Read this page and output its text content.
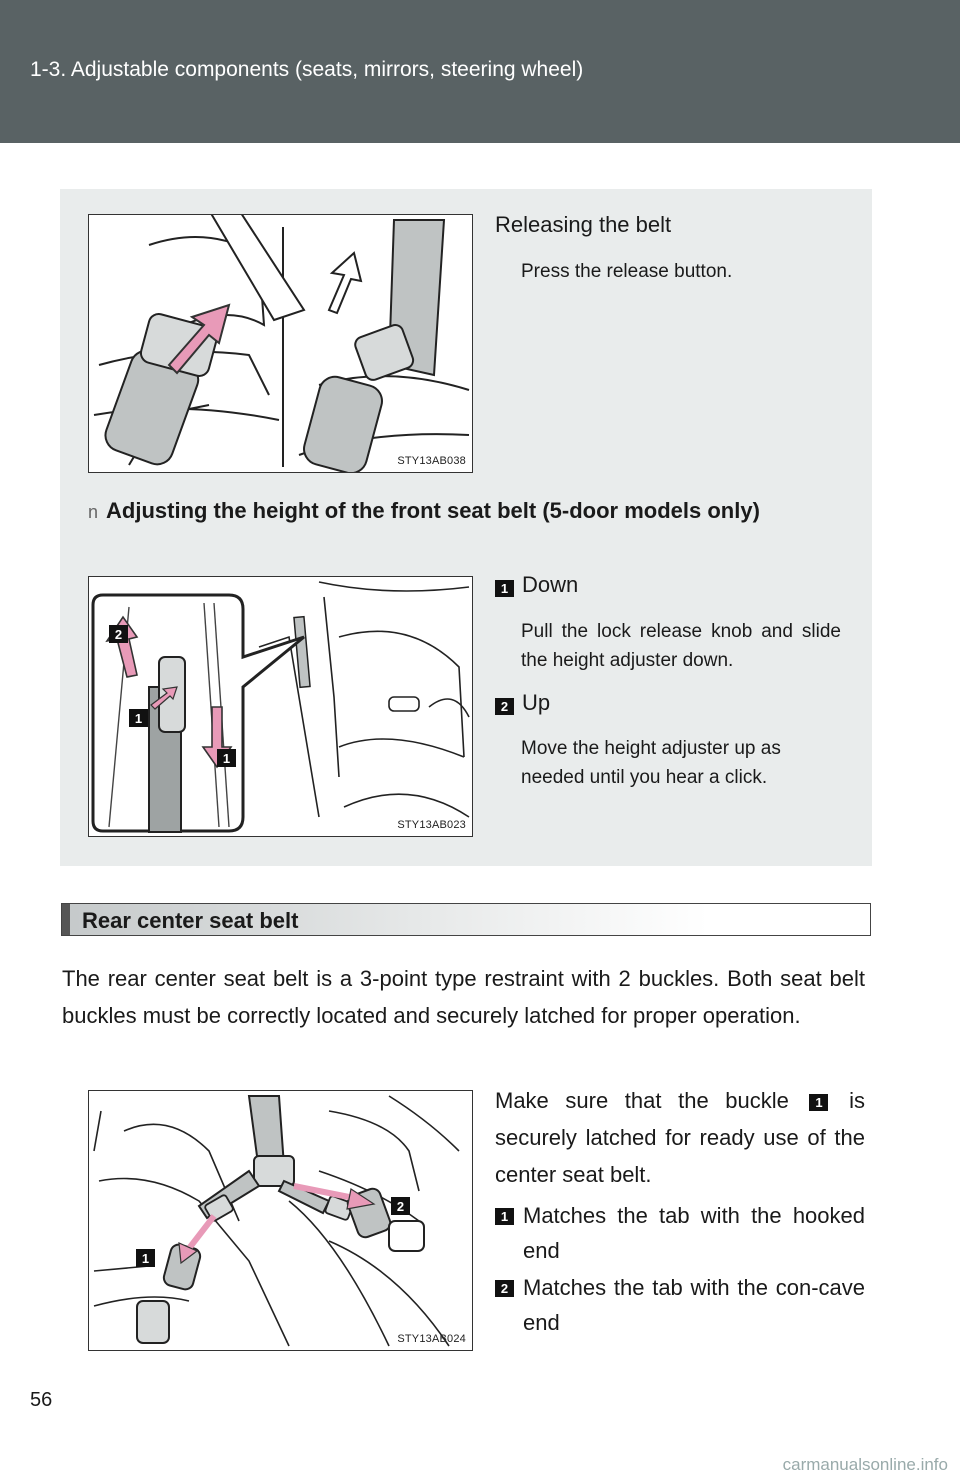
1-3. Adjustable components (seats, mirrors, steering wheel)
STY13AB038
Releasing the belt
Press the release button.
n Adjusting the height of the front seat belt (5-door models only)
2
1
1
STY13AB023
1 Down
Pull the lock release knob and slide the height adjuster down.
2 Up
Move the height adjuster up as needed until you hear a click.
Rear center seat belt
The rear center seat belt is a 3-point type restraint with 2 buckles. Both seat belt buckles must be correctly located and securely latched for proper operation.
Make sure that the buckle 1 is securely latched for ready use of the center seat belt.
2
1
STY13AB024
1 Matches the tab with the hooked end
2 Matches the tab with the con-cave end
56
carmanualsonline.info
